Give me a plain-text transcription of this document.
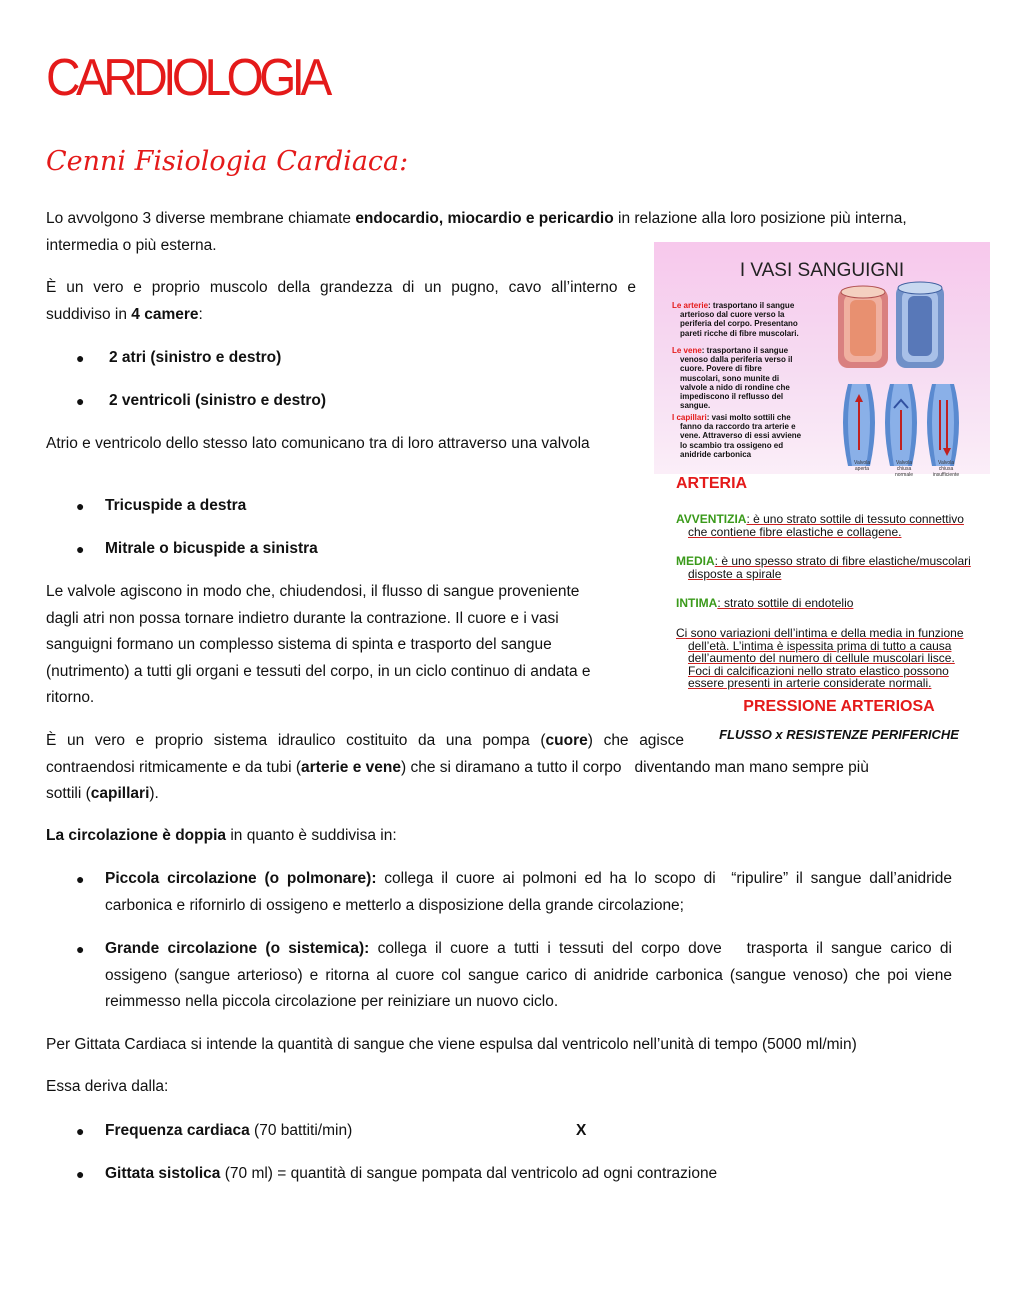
CARDIOLOGIA
Cenni Fisiologia Cardiaca:

Lo avvolgono 3 diverse membrane chiamate endocardio, miocardio e pericardio in relazione alla loro posizione più interna,
intermedia o più esterna.

È un vero e proprio muscolo della grandezza di un pugno, cavo all’interno e
suddiviso in 4 camere:

● 2 atri (sinistro e destro)
● 2 ventricoli (sinistro e destro)

Atrio e ventricolo dello stesso lato comunicano tra di loro attraverso una valvola

● Tricuspide a destra
● Mitrale o bicuspide a sinistra

Le valvole agiscono in modo che, chiudendosi, il flusso di sangue proveniente
dagli atri non possa tornare indietro durante la contrazione. Il cuore e i vasi
sanguigni formano un complesso sistema di spinta e trasporto del sangue
(nutrimento) a tutti gli organi e tessuti del corpo, in un ciclo continuo di andata e
ritorno.

È un vero e proprio sistema idraulico costituito da una pompa (cuore) che agisce
contraendosi ritmicamente e da tubi (arterie e vene) che si diramano a tutto il corpo   diventando man mano sempre più
sottili (capillari).

La circolazione è doppia in quanto è suddivisa in:

● Piccola circolazione (o polmonare): collega il cuore ai polmoni ed ha lo scopo di  “ripulire” il sangue dall’anidride
carbonica e rifornirlo di ossigeno e metterlo a disposizione della grande circolazione;
● Grande circolazione (o sistemica): collega il cuore a tutti i tessuti del corpo dove   trasporta il sangue carico di
ossigeno (sangue arterioso) e ritorna al cuore col sangue carico di anidride carbonica (sangue venoso) che poi viene
reimmesso nella piccola circolazione per reiniziare un nuovo ciclo.

Per Gittata Cardiaca si intende la quantità di sangue che viene espulsa dal ventricolo nell’unità di tempo (5000 ml/min)

Essa deriva dalla:

● Frequenza cardiaca (70 battiti/min)	X
● Gittata sistolica (70 ml) = quantità di sangue pompata dal ventricolo ad ogni contrazione
I VASI SANGUIGNI
Le arterie: trasportano il sangue
arterioso dal cuore verso la
periferia del corpo. Presentano
pareti ricche di fibre muscolari.
Le vene: trasportano il sangue
venoso dalla periferia verso il
cuore. Povere di fibre
muscolari, sono munite di
valvole a nido di rondine che
impediscono il reflusso del
sangue.
I capillari: vasi molto sottili che
fanno da raccordo tra arterie e
vene. Attraverso di essi avviene
lo scambio tra ossigeno ed
anidride carbonica
Valvola aperta
Valvola chiusa normale
Valvola chiusa insufficiente
ARTERIA
AVVENTIZIA: è uno strato sottile di tessuto connettivo
che contiene fibre elastiche e collagene.
MEDIA: è uno spesso strato di fibre elastiche/muscolari
disposte a spirale
INTIMA: strato sottile di endotelio
Ci sono variazioni dell’intima e della media in funzione
dell’età. L’intima è ispessita prima di tutto a causa
dell’aumento del numero di cellule muscolari lisce.
Foci di calcificazioni nello strato elastico possono
essere presenti in arterie considerate normali.
PRESSIONE ARTERIOSA
FLUSSO x RESISTENZE PERIFERICHE
